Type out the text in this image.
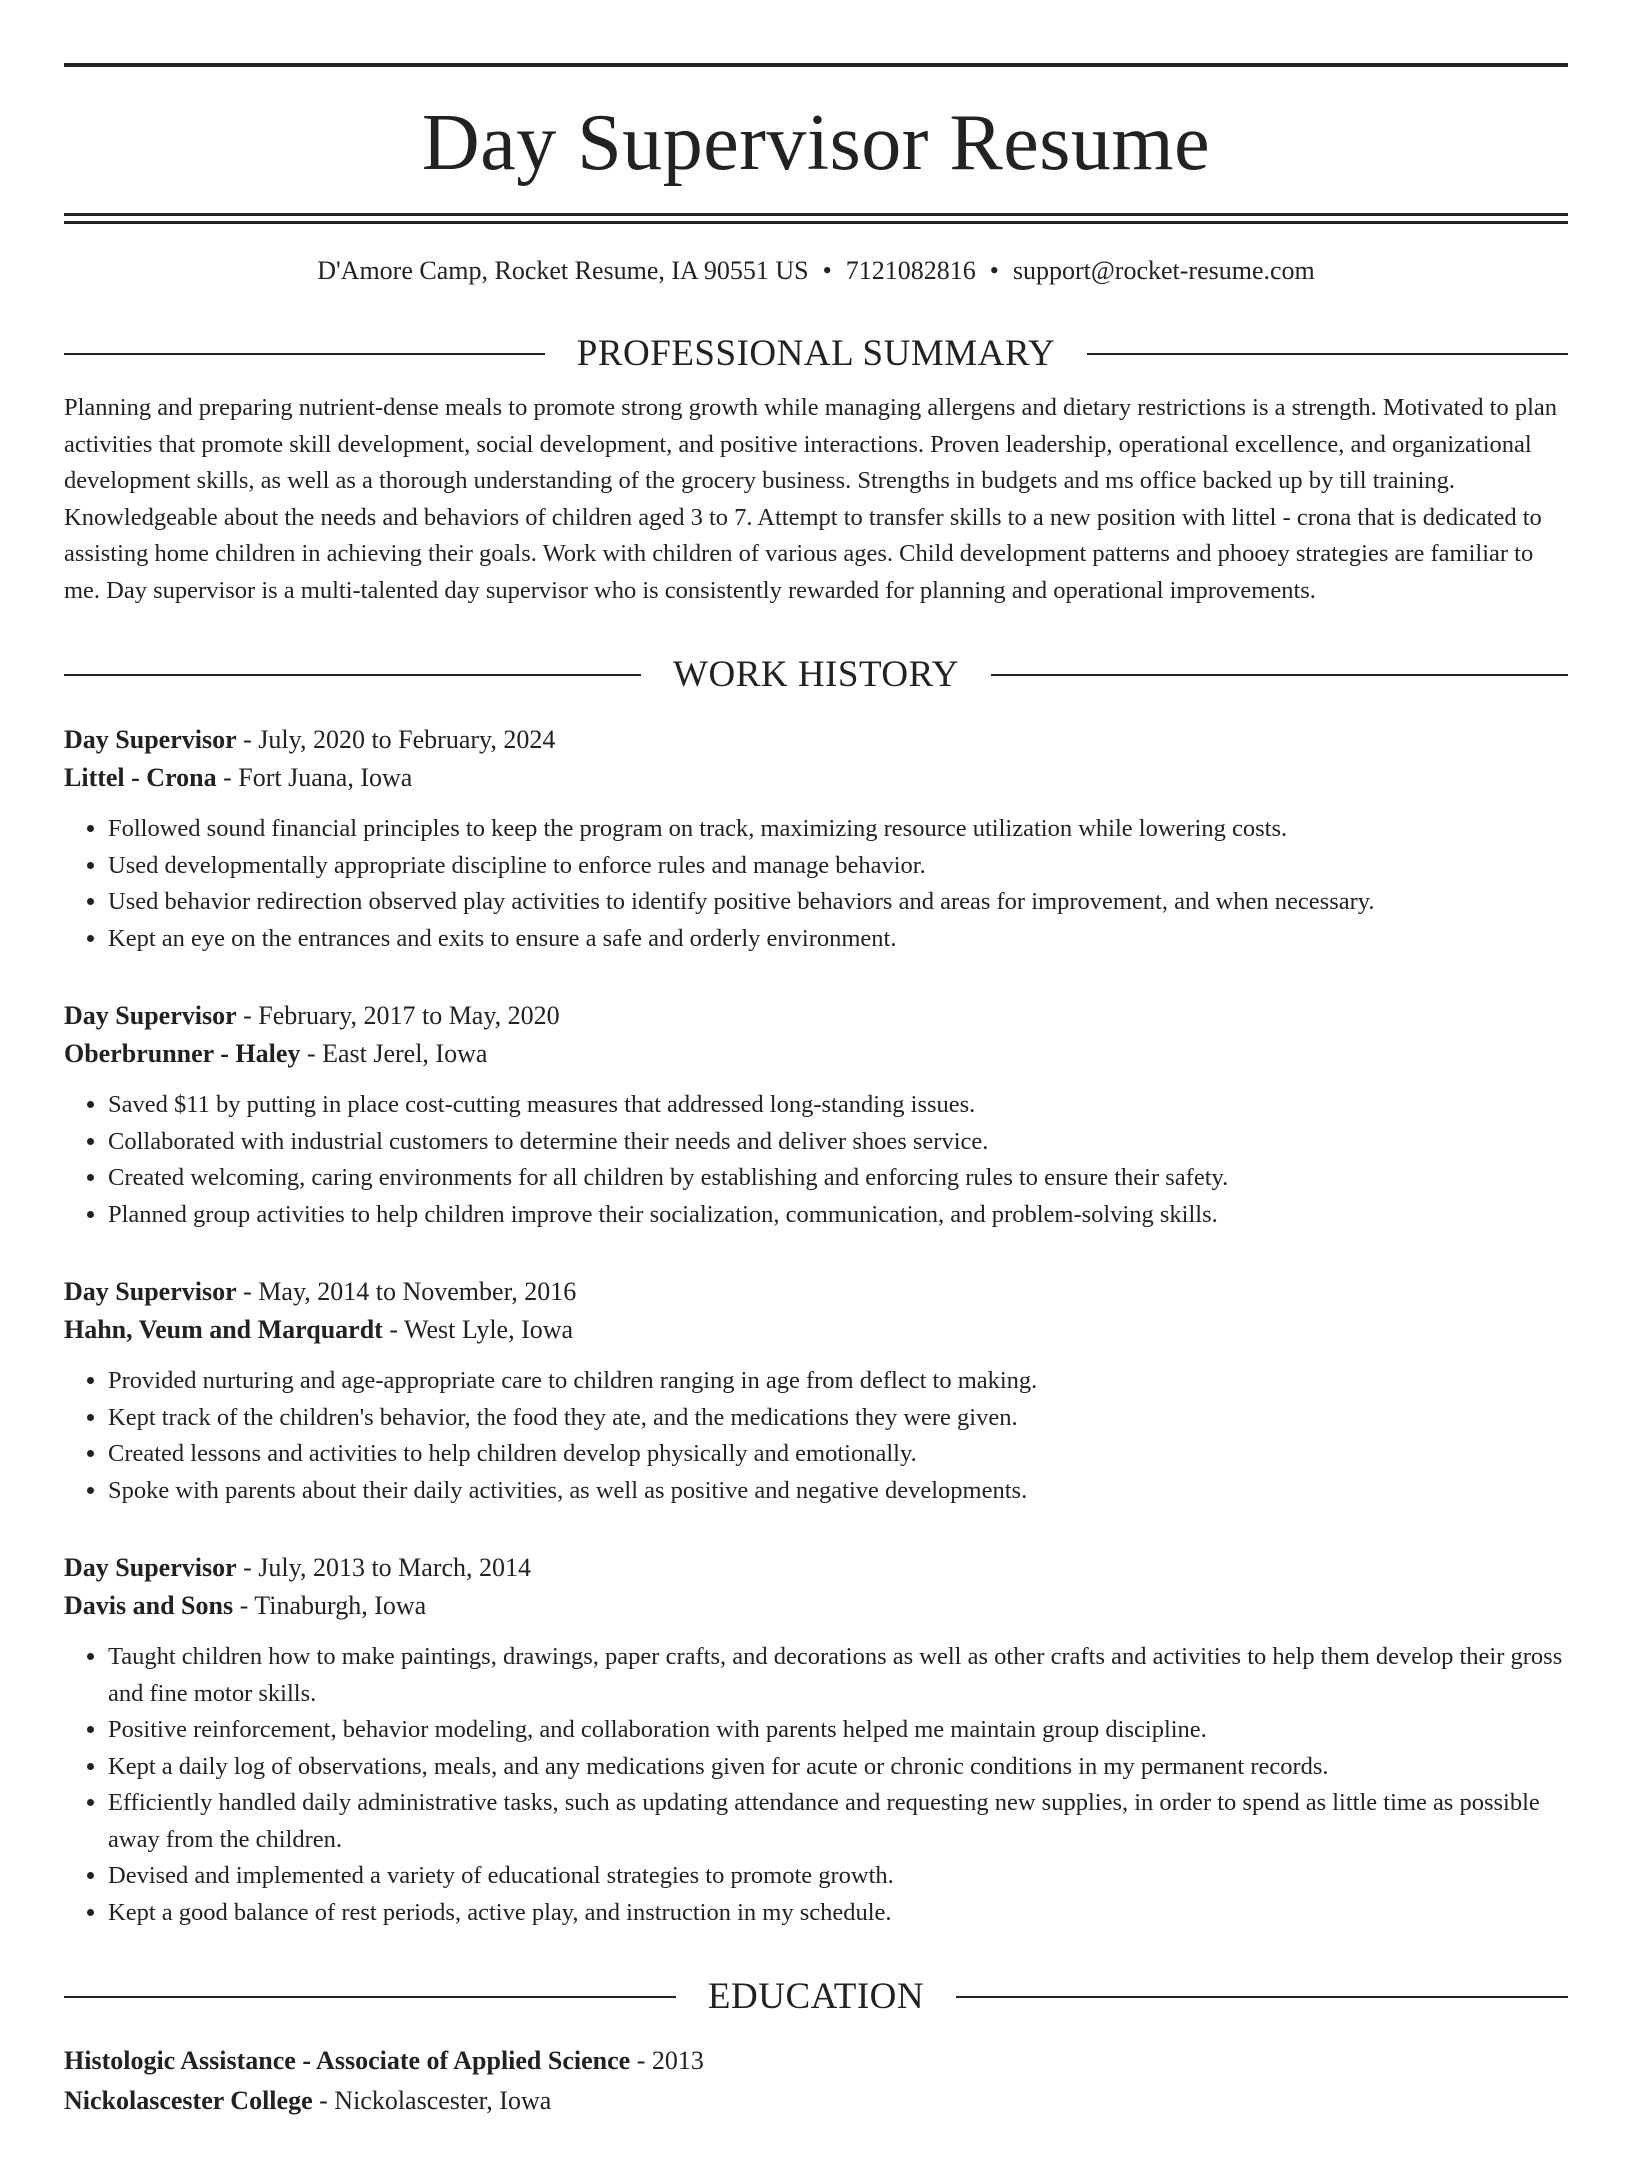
Day Supervisor Resume
D'Amore Camp, Rocket Resume, IA 90551 US • 7121082816 • support@rocket-resume.com
PROFESSIONAL SUMMARY

Planning and preparing nutrient-dense meals to promote strong growth while managing allergens and dietary restrictions is a strength. Motivated to plan activities that promote skill development, social development, and positive interactions. Proven leadership, operational excellence, and organizational development skills, as well as a thorough understanding of the grocery business. Strengths in budgets and ms office backed up by till training. Knowledgeable about the needs and behaviors of children aged 3 to 7. Attempt to transfer skills to a new position with littel - crona that is dedicated to assisting home children in achieving their goals. Work with children of various ages. Child development patterns and phooey strategies are familiar to me. Day supervisor is a multi-talented day supervisor who is consistently rewarded for planning and operational improvements.

WORK HISTORY
Day Supervisor - July, 2020 to February, 2024
Littel - Crona - Fort Juana, Iowa
• Followed sound financial principles to keep the program on track, maximizing resource utilization while lowering costs.
• Used developmentally appropriate discipline to enforce rules and manage behavior.
• Used behavior redirection observed play activities to identify positive behaviors and areas for improvement, and when necessary.
• Kept an eye on the entrances and exits to ensure a safe and orderly environment.
Day Supervisor - February, 2017 to May, 2020
Oberbrunner - Haley - East Jerel, Iowa
• Saved $11 by putting in place cost-cutting measures that addressed long-standing issues.
• Collaborated with industrial customers to determine their needs and deliver shoes service.
• Created welcoming, caring environments for all children by establishing and enforcing rules to ensure their safety.
• Planned group activities to help children improve their socialization, communication, and problem-solving skills.
Day Supervisor - May, 2014 to November, 2016
Hahn, Veum and Marquardt - West Lyle, Iowa
• Provided nurturing and age-appropriate care to children ranging in age from deflect to making.
• Kept track of the children's behavior, the food they ate, and the medications they were given.
• Created lessons and activities to help children develop physically and emotionally.
• Spoke with parents about their daily activities, as well as positive and negative developments.
Day Supervisor - July, 2013 to March, 2014
Davis and Sons - Tinaburgh, Iowa
• Taught children how to make paintings, drawings, paper crafts, and decorations as well as other crafts and activities to help them develop their gross and fine motor skills.
• Positive reinforcement, behavior modeling, and collaboration with parents helped me maintain group discipline.
• Kept a daily log of observations, meals, and any medications given for acute or chronic conditions in my permanent records.
• Efficiently handled daily administrative tasks, such as updating attendance and requesting new supplies, in order to spend as little time as possible away from the children.
• Devised and implemented a variety of educational strategies to promote growth.
• Kept a good balance of rest periods, active play, and instruction in my schedule.
EDUCATION
Histologic Assistance - Associate of Applied Science - 2013
Nickolascester College - Nickolascester, Iowa
